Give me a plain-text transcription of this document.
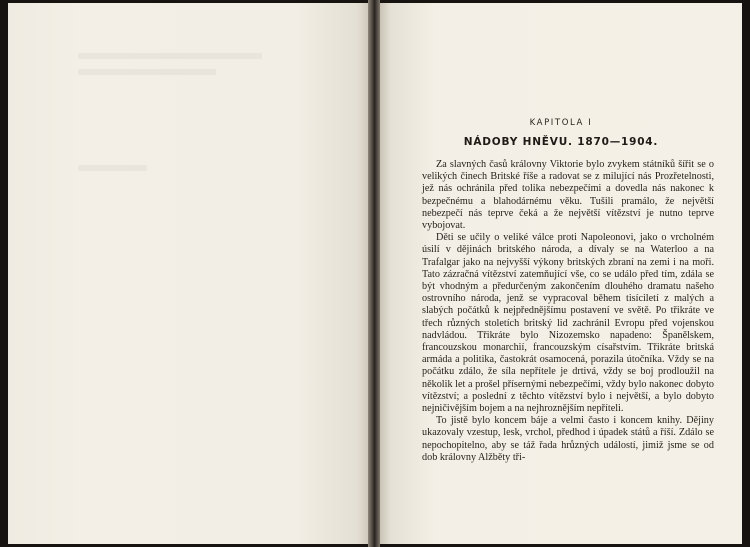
KAPITOLA I
NÁDOBY HNĚVU. 1870—1904.

Za slavných časů královny Viktorie bylo zvykem státníků šířit se o velikých činech Britské říše a radovat se z milující nás Prozřetelnosti, jež nás ochránila před tolika nebezpečími a dovedla nás nakonec k bezpečnému a blahodárnému věku. Tušili pramálo, že největší nebezpečí nás teprve čeká a že největší vítězství je nutno teprve vybojovat.

Děti se učily o veliké válce proti Napoleonovi, jako o vrcholném úsilí v dějinách britského národa, a dívaly se na Waterloo a na Trafalgar jako na nejvyšší výkony britských zbraní na zemi i na moři. Tato zázračná vítězství zatemňující vše, co se událo před tím, zdála se být vhodným a předurčeným zakončením dlouhého dramatu našeho ostrovního národa, jenž se vypracoval během tisíciletí z malých a slabých počátků k nejpřednějšímu postavení ve světě. Po třikráte ve třech různých stoletích britský lid zachránil Evropu před vojenskou nadvládou. Třikráte bylo Nizozemsko napadeno: Španělskem, francouzskou monarchií, francouzským císařstvím. Třikráte britská armáda a politika, častokrát osamocená, porazila útočníka. Vždy se na počátku zdálo, že síla nepřítele je drtivá, vždy se boj prodloužil na několik let a prošel přísernými nebezpečími, vždy bylo nakonec dobyto vítězství; a poslední z těchto vítězství bylo i největší, a bylo dobyto nejničivějším bojem a na nejhroznějším nepříteli.

To jistě bylo koncem báje a velmi často i koncem knihy. Dějiny ukazovaly vzestup, lesk, vrchol, předhod i úpadek států a říší. Zdálo se nepochopitelno, aby se táž řada hrůzných událostí, jimiž jsme se od dob královny Alžběty tři-
